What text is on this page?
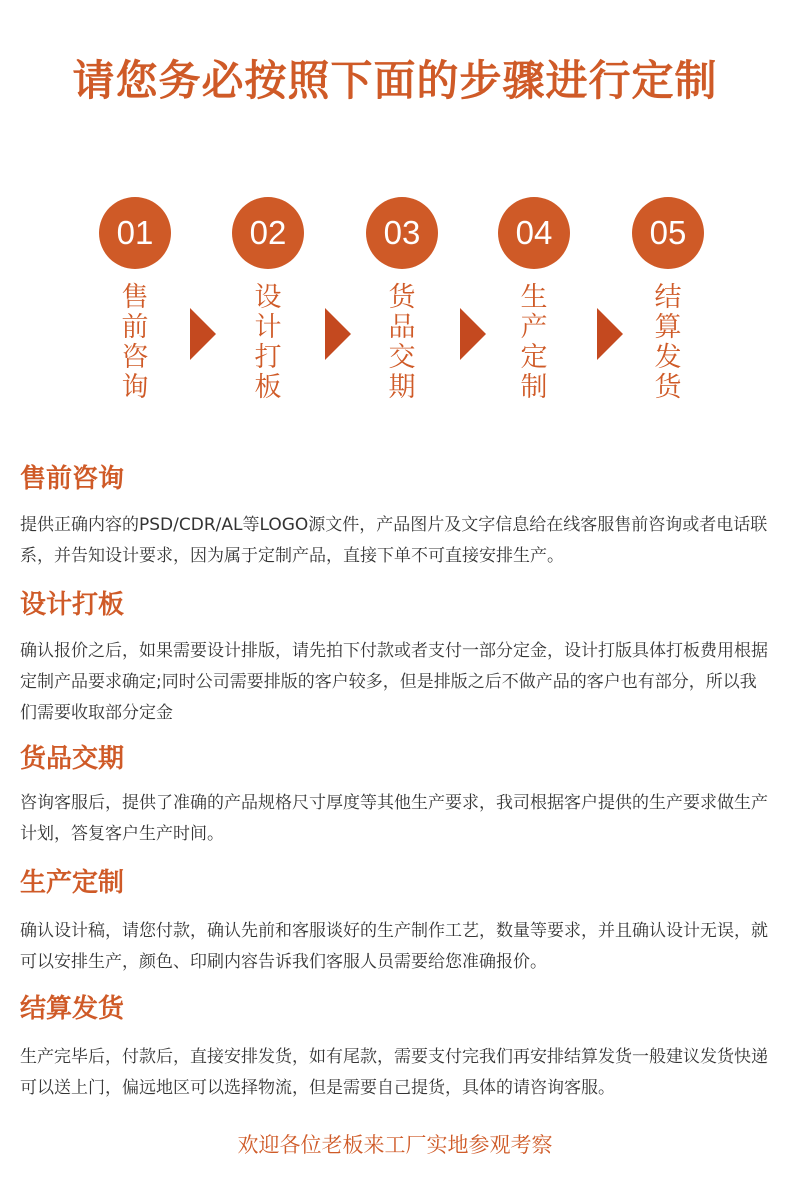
请您务必按照下面的步骤进行定制
01
售前咨询
02
设计打板
03
货品交期
04
生产定制
05
结算发货
售前咨询
提供正确内容的PSD/CDR/AL等LOGO源文件，产品图片及文字信息给在线客服售前咨询或者电话联系，并告知设计要求，因为属于定制产品，直接下单不可直接安排生产。
设计打板
确认报价之后，如果需要设计排版，请先拍下付款或者支付一部分定金，设计打版具体打板费用根据定制产品要求确定;同时公司需要排版的客户较多，但是排版之后不做产品的客户也有部分，所以我们需要收取部分定金
货品交期
咨询客服后，提供了准确的产品规格尺寸厚度等其他生产要求，我司根据客户提供的生产要求做生产计划，答复客户生产时间。
生产定制
确认设计稿，请您付款，确认先前和客服谈好的生产制作工艺，数量等要求，并且确认设计无误，就可以安排生产，颜色、印刷内容告诉我们客服人员需要给您准确报价。
结算发货
生产完毕后，付款后，直接安排发货，如有尾款，需要支付完我们再安排结算发货一般建议发货快递可以送上门，偏远地区可以选择物流，但是需要自己提货，具体的请咨询客服。
欢迎各位老板来工厂实地参观考察
